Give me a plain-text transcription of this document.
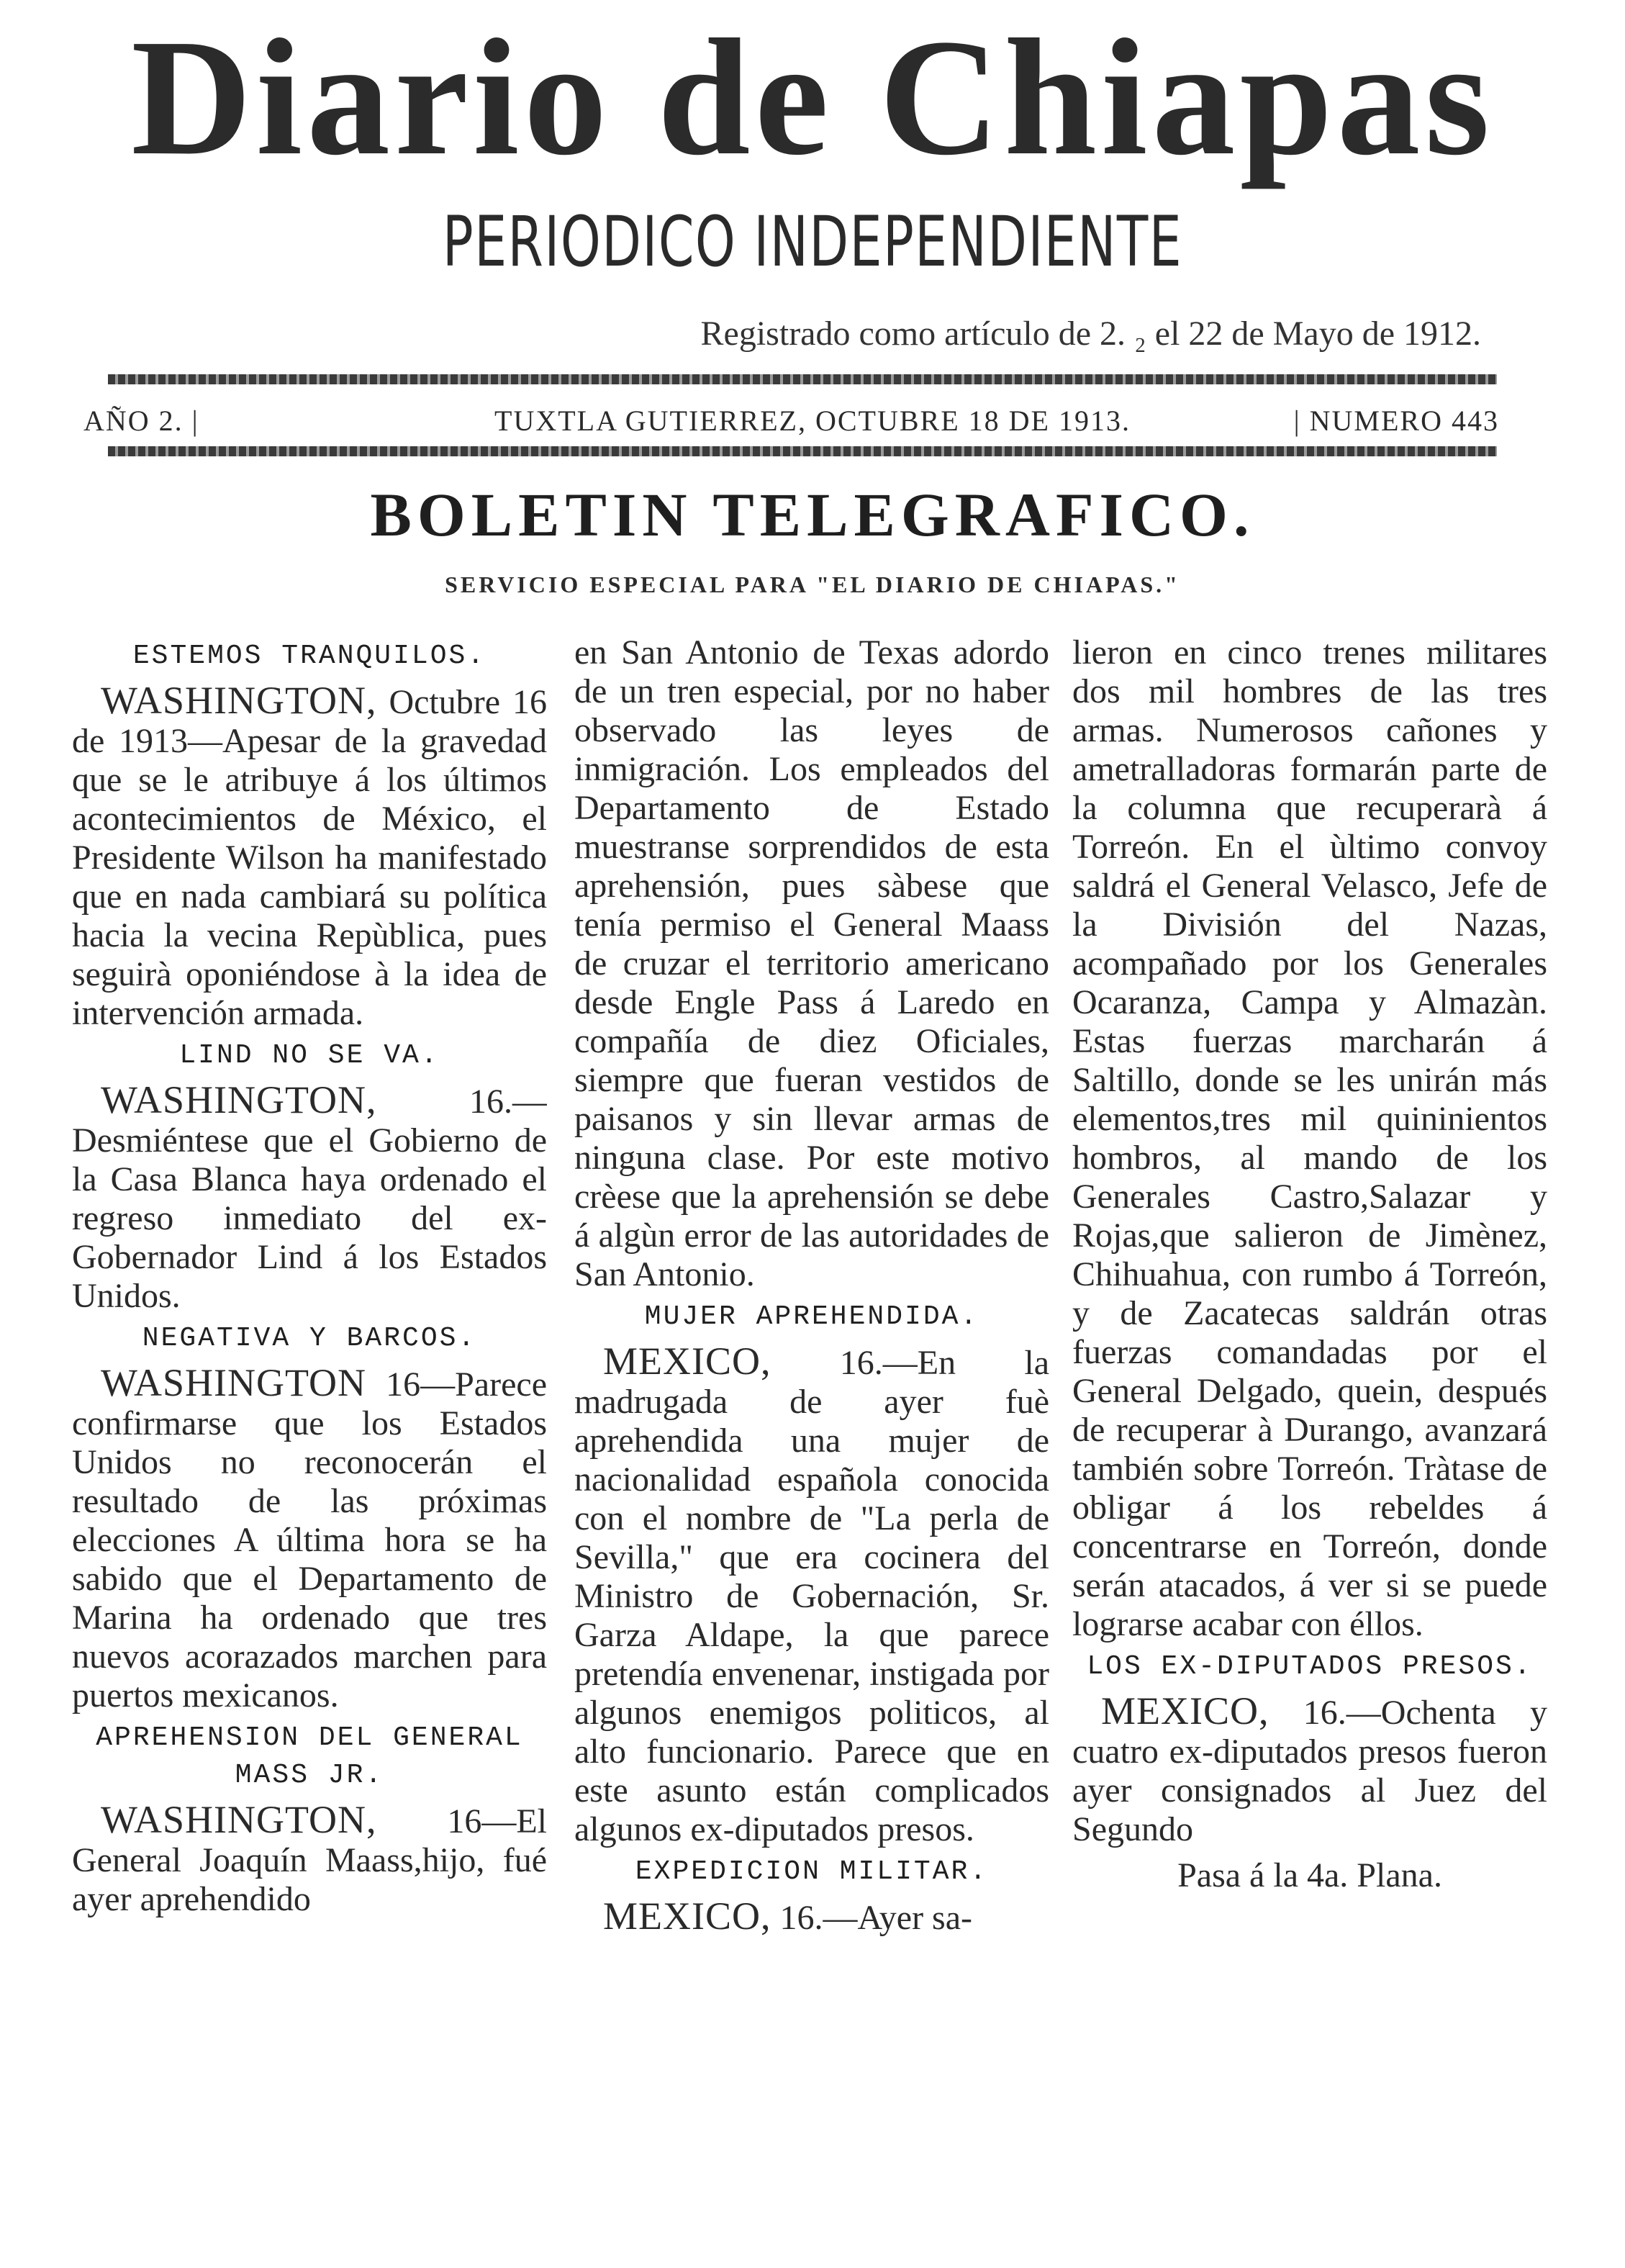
Diario de Chiapas
PERIODICO INDEPENDIENTE
Registrado como artículo de 2. ₂ el 22 de Mayo de 1912.
AÑO 2. |	TUXTLA GUTIERREZ, OCTUBRE 18 DE 1913.	| NUMERO 443
BOLETIN TELEGRAFICO.
SERVICIO ESPECIAL PARA "EL DIARIO DE CHIAPAS."
ESTEMOS TRANQUILOS.

WASHINGTON, Octubre 16 de 1913—Apesar de la gravedad que se le atribuye á los últimos acontecimientos de México, el Presidente Wilson ha manifestado que en nada cambiará su política hacia la vecina Repùblica, pues seguirà oponiéndose à la idea de intervención armada.

LIND NO SE VA.

WASHINGTON,	16.—Desmiéntese que el Gobierno de la Casa Blanca haya ordenado el regreso inmediato del ex-Gobernador Lind á los Estados Unidos.

NEGATIVA Y BARCOS.

WASHINGTON 16—Parece confirmarse que los Estados Unidos no reconocerán el resultado de las próximas elecciones A última hora se ha sabido que el Departamento de Marina ha ordenado que tres nuevos acorazados marchen para puertos mexicanos.

APREHENSION DEL GENERAL MASS JR.

WASHINGTON, 16—El General Joaquín Maass,hijo, fué ayer aprehendido

en San Antonio de Texas adordo de un tren especial, por no haber observado las leyes de inmigración. Los empleados del Departamento de Estado muestranse sorprendidos de esta aprehensión, pues sàbese que tenía permiso el General Maass de cruzar el territorio americano desde Engle Pass á Laredo en compañía de diez Oficiales, siempre que fueran vestidos de paisanos y sin llevar armas de ninguna clase. Por este motivo crèese que la aprehensión se debe á algùn error de las autoridades de San Antonio.

MUJER APREHENDIDA.

MEXICO, 16.—En la madrugada de ayer fuè aprehendida una mujer de nacionalidad española conocida con el nombre de "La perla de Sevilla," que era cocinera del Ministro de Gobernación, Sr. Garza Aldape, la que parece pretendía envenenar, instigada por algunos enemigos politicos, al alto funcionario. Parece que en este asunto están complicados algunos ex-diputados presos.

EXPEDICION MILITAR.

MEXICO, 16.—Ayer sa-

lieron en cinco trenes militares dos mil hombres de las tres armas. Numerosos cañones y ametralladoras formarán parte de la columna que recuperarà á Torreón. En el ùltimo convoy saldrá el General Velasco, Jefe de la División del Nazas, acompañado por los Generales Ocaranza, Campa y Almazàn. Estas fuerzas marcharán á Saltillo, donde se les unirán más elementos,tres mil quininientos hombros, al mando de los Generales Castro,Salazar y Rojas,que salieron de Jimènez, Chihuahua, con rumbo á Torreón, y de Zacatecas saldrán otras fuerzas comandadas por el General Delgado, quein, después de recuperar à Durango, avanzará también sobre Torreón. Tràtase de obligar á los rebeldes á concentrarse en Torreón, donde serán atacados, á ver si se puede lograrse acabar con éllos.

LOS EX-DIPUTADOS PRESOS.

MEXICO, 16.—Ochenta y cuatro ex-diputados presos fueron ayer consignados al Juez del Segundo

Pasa á la 4a. Plana.
